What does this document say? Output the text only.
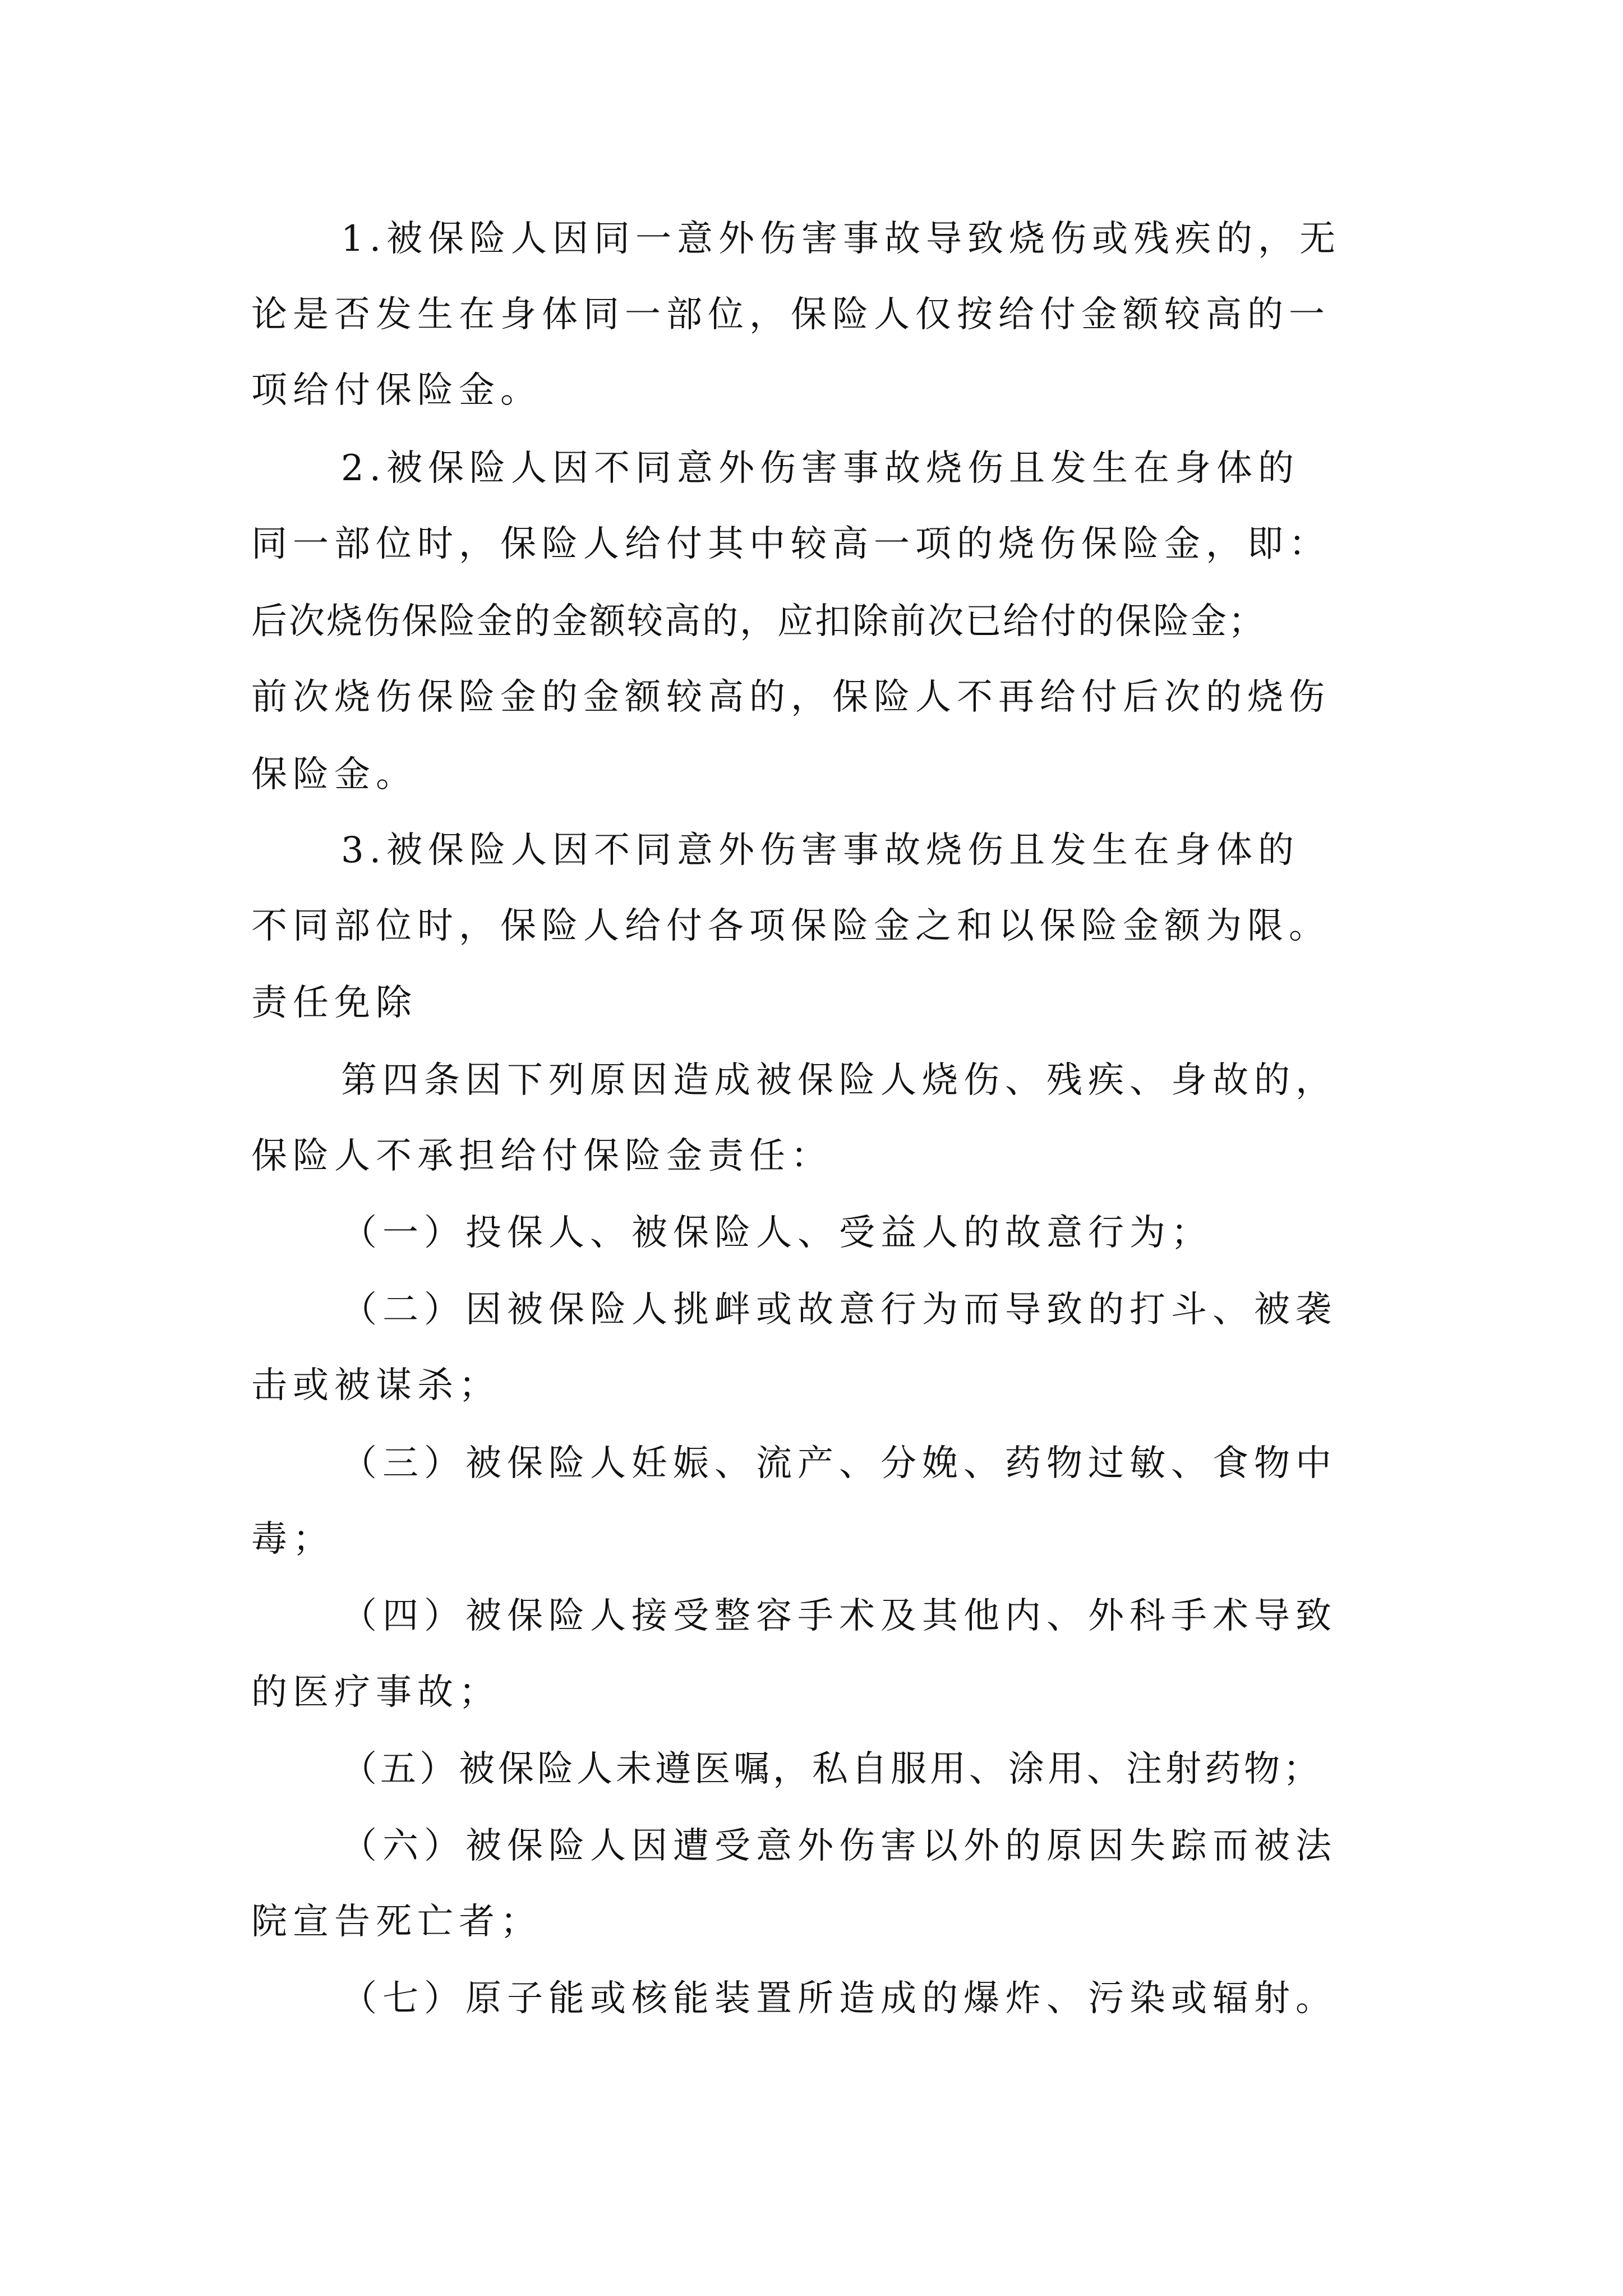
1.被保险人因同一意外伤害事故导致烧伤或残疾的，无

论是否发生在身体同一部位，保险人仅按给付金额较高的一

项给付保险金。

2.被保险人因不同意外伤害事故烧伤且发生在身体的

同一部位时，保险人给付其中较高一项的烧伤保险金，即：

后次烧伤保险金的金额较高的，应扣除前次已给付的保险金；

前次烧伤保险金的金额较高的，保险人不再给付后次的烧伤

保险金。

3.被保险人因不同意外伤害事故烧伤且发生在身体的

不同部位时，保险人给付各项保险金之和以保险金额为限。

责任免除

第四条因下列原因造成被保险人烧伤、残疾、身故的，

保险人不承担给付保险金责任：

（一）投保人、被保险人、受益人的故意行为；

（二）因被保险人挑衅或故意行为而导致的打斗、被袭

击或被谋杀；

（三）被保险人妊娠、流产、分娩、药物过敏、食物中

毒；

（四）被保险人接受整容手术及其他内、外科手术导致

的医疗事故；

（五）被保险人未遵医嘱，私自服用、涂用、注射药物；

（六）被保险人因遭受意外伤害以外的原因失踪而被法

院宣告死亡者；

（七）原子能或核能装置所造成的爆炸、污染或辐射。
